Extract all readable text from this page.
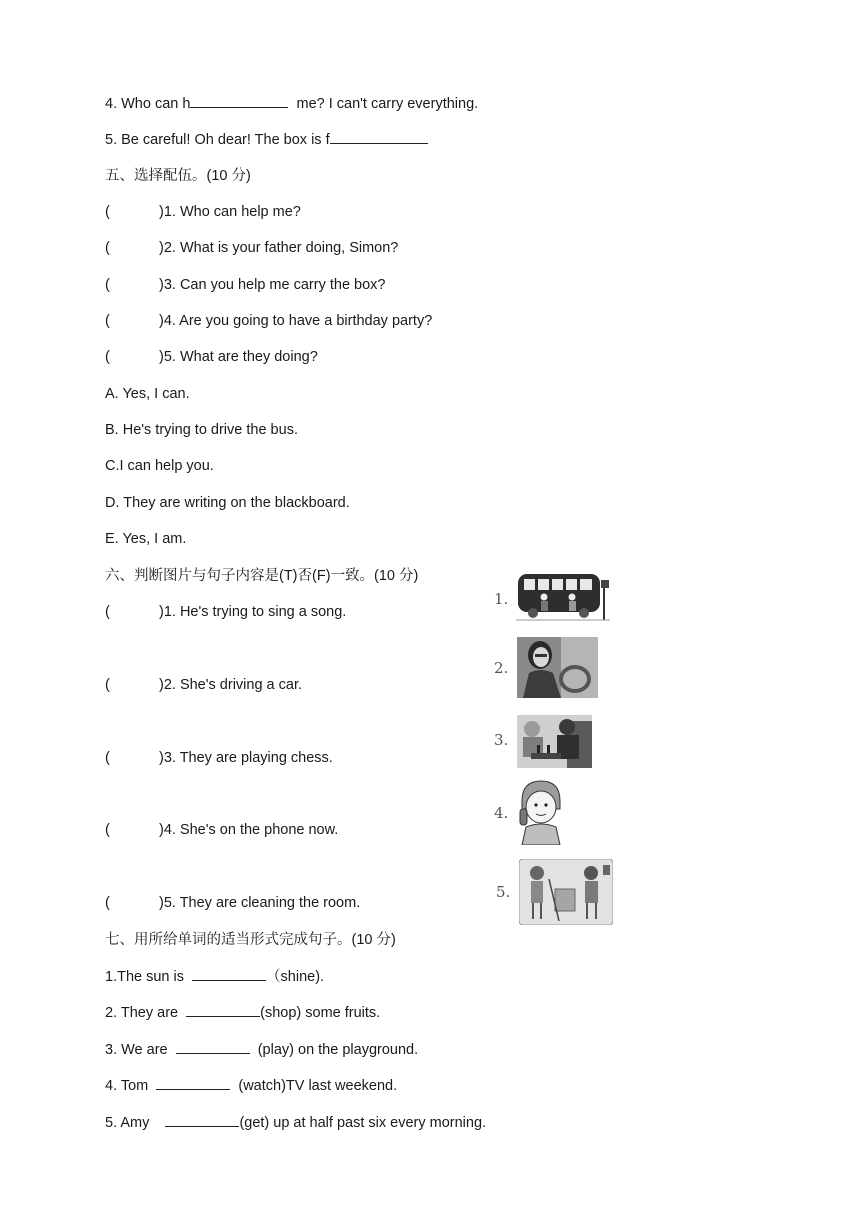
4. Who can h	me? I can't carry everything.
5. Be careful! Oh dear! The box is f
五、选择配伍。(10 分)
(	)1. Who can help me?
(	)2. What is your father doing, Simon?
(	)3. Can you help me carry the box?
(	)4. Are you going to have a birthday party?
(	)5. What are they doing?
A. Yes, I can.
B. He's trying to drive the bus.
C.I can help you.
D. They are writing on the blackboard.
E. Yes, I am.
六、判断图片与句子内容是(T)否(F)一致。(10 分)
(	)1. He's trying to sing a song.
(	)2. She's driving a car.
(	)3. They are playing chess.
(	)4. She's on the phone now.
(	)5. They are cleaning the room.
1.
2.
3.
4.
5.
七、用所给单词的适当形式完成句子。(10 分)
1.The sun is	（shine).
2. They are	(shop) some fruits.
3. We are	(play) on the playground.
4. Tom	(watch)TV last weekend.
5. Amy	(get) up at half past six every morning.
